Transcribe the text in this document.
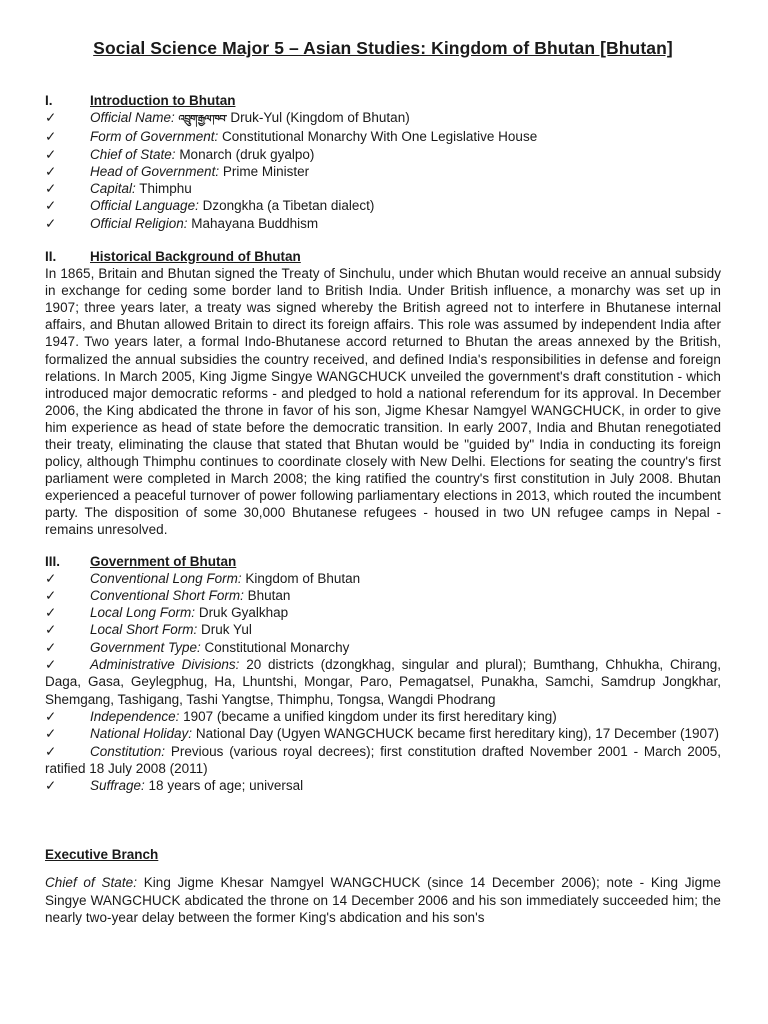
Social Science Major 5 – Asian Studies: Kingdom of Bhutan [Bhutan]
I.	Introduction to Bhutan
✓	Official Name: འབྲུག་རྒྱལ་ཁབ་ Druk-Yul (Kingdom of Bhutan)
✓	Form of Government: Constitutional Monarchy With One Legislative House
✓	Chief of State: Monarch (druk gyalpo)
✓	Head of Government: Prime Minister
✓	Capital: Thimphu
✓	Official Language: Dzongkha (a Tibetan dialect)
✓	Official Religion: Mahayana Buddhism
II.	Historical Background of Bhutan

In 1865, Britain and Bhutan signed the Treaty of Sinchulu, under which Bhutan would receive an annual subsidy in exchange for ceding some border land to British India. Under British influence, a monarchy was set up in 1907; three years later, a treaty was signed whereby the British agreed not to interfere in Bhutanese internal affairs, and Bhutan allowed Britain to direct its foreign affairs. This role was assumed by independent India after 1947. Two years later, a formal Indo-Bhutanese accord returned to Bhutan the areas annexed by the British, formalized the annual subsidies the country received, and defined India's responsibilities in defense and foreign relations. In March 2005, King Jigme Singye WANGCHUCK unveiled the government's draft constitution - which introduced major democratic reforms - and pledged to hold a national referendum for its approval. In December 2006, the King abdicated the throne in favor of his son, Jigme Khesar Namgyel WANGCHUCK, in order to give him experience as head of state before the democratic transition. In early 2007, India and Bhutan renegotiated their treaty, eliminating the clause that stated that Bhutan would be "guided by" India in conducting its foreign policy, although Thimphu continues to coordinate closely with New Delhi. Elections for seating the country's first parliament were completed in March 2008; the king ratified the country's first constitution in July 2008. Bhutan experienced a peaceful turnover of power following parliamentary elections in 2013, which routed the incumbent party. The disposition of some 30,000 Bhutanese refugees - housed in two UN refugee camps in Nepal - remains unresolved.

III.	Government of Bhutan
✓	Conventional Long Form: Kingdom of Bhutan
✓	Conventional Short Form: Bhutan
✓	Local Long Form: Druk Gyalkhap
✓	Local Short Form: Druk Yul
✓	Government Type: Constitutional Monarchy
✓ Administrative Divisions: 20 districts (dzongkhag, singular and plural); Bumthang, Chhukha, Chirang, Daga, Gasa, Geylegphug, Ha, Lhuntshi, Mongar, Paro, Pemagatsel, Punakha, Samchi, Samdrup Jongkhar, Shemgang, Tashigang, Tashi Yangtse, Thimphu, Tongsa, Wangdi Phodrang
✓	Independence: 1907 (became a unified kingdom under its first hereditary king)
✓ National Holiday: National Day (Ugyen WANGCHUCK became first hereditary king), 17 December (1907)
✓ Constitution: Previous (various royal decrees); first constitution drafted November 2001 - March 2005, ratified 18 July 2008 (2011)
✓	Suffrage: 18 years of age; universal
Executive Branch

Chief of State: King Jigme Khesar Namgyel WANGCHUCK (since 14 December 2006); note - King Jigme Singye WANGCHUCK abdicated the throne on 14 December 2006 and his son immediately succeeded him; the nearly two-year delay between the former King's abdication and his son's
